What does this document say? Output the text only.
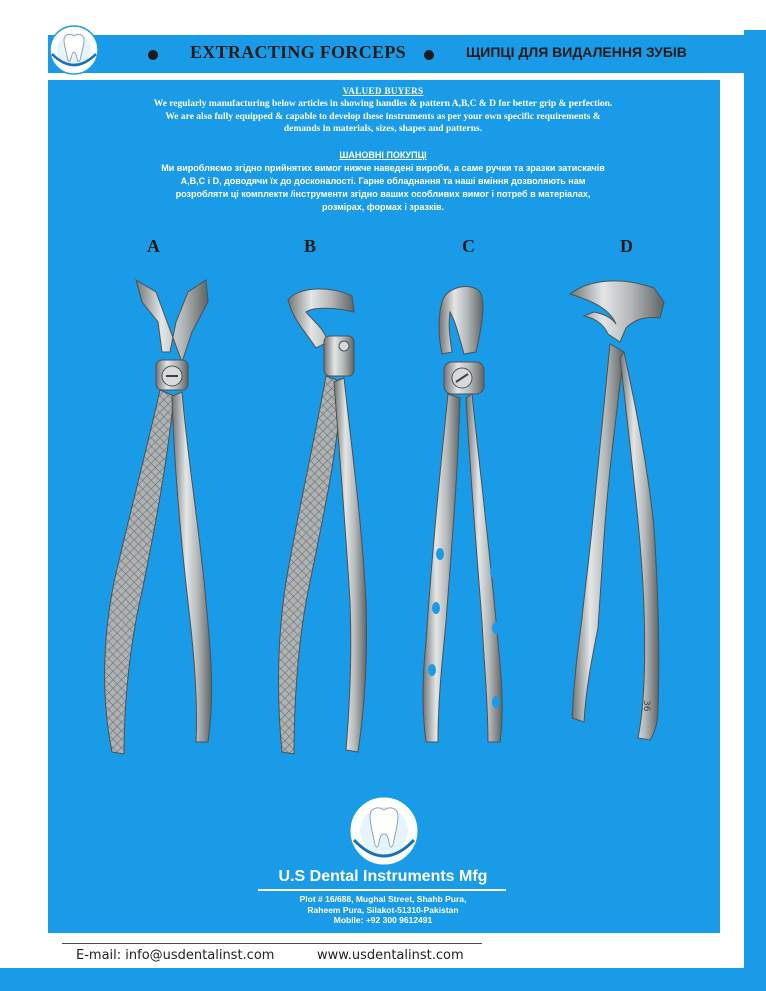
EXTRACTING FORCEPS	ЩИПЦІ ДЛЯ ВИДАЛЕННЯ ЗУБІВ
VALUED BUYERS
We regularly manufacturing below articles in showing handles & pattern A,B,C & D for better grip & perfection.
We are also fully equipped & capable to develop these instruments as per your own specific requirements &
demands in materials, sizes, shapes and patterns.
ШАНОВНІ ПОКУПЦІ
Ми виробляємо згідно прийнятих вимог нижче наведені вироби, а саме ручки та зразки затискачів
A,B,C і D, доводячи їх до досконалості. Гарне обладнання та наші вміння дозволяють нам
розробляти ці комплекти /інструменти згідно ваших особливих вимог і потреб в матеріалах,
розмірах, формах і зразків.
A	B	C	D
36
U.S Dental Instruments Mfg
Plot # 16/688, Mughal Street, Shahb Pura,
Raheem Pura, Silakot-51310-Pakistan
Mobile: +92 300 9612491
E-mail: info@usdentalinst.com	www.usdentalinst.com
